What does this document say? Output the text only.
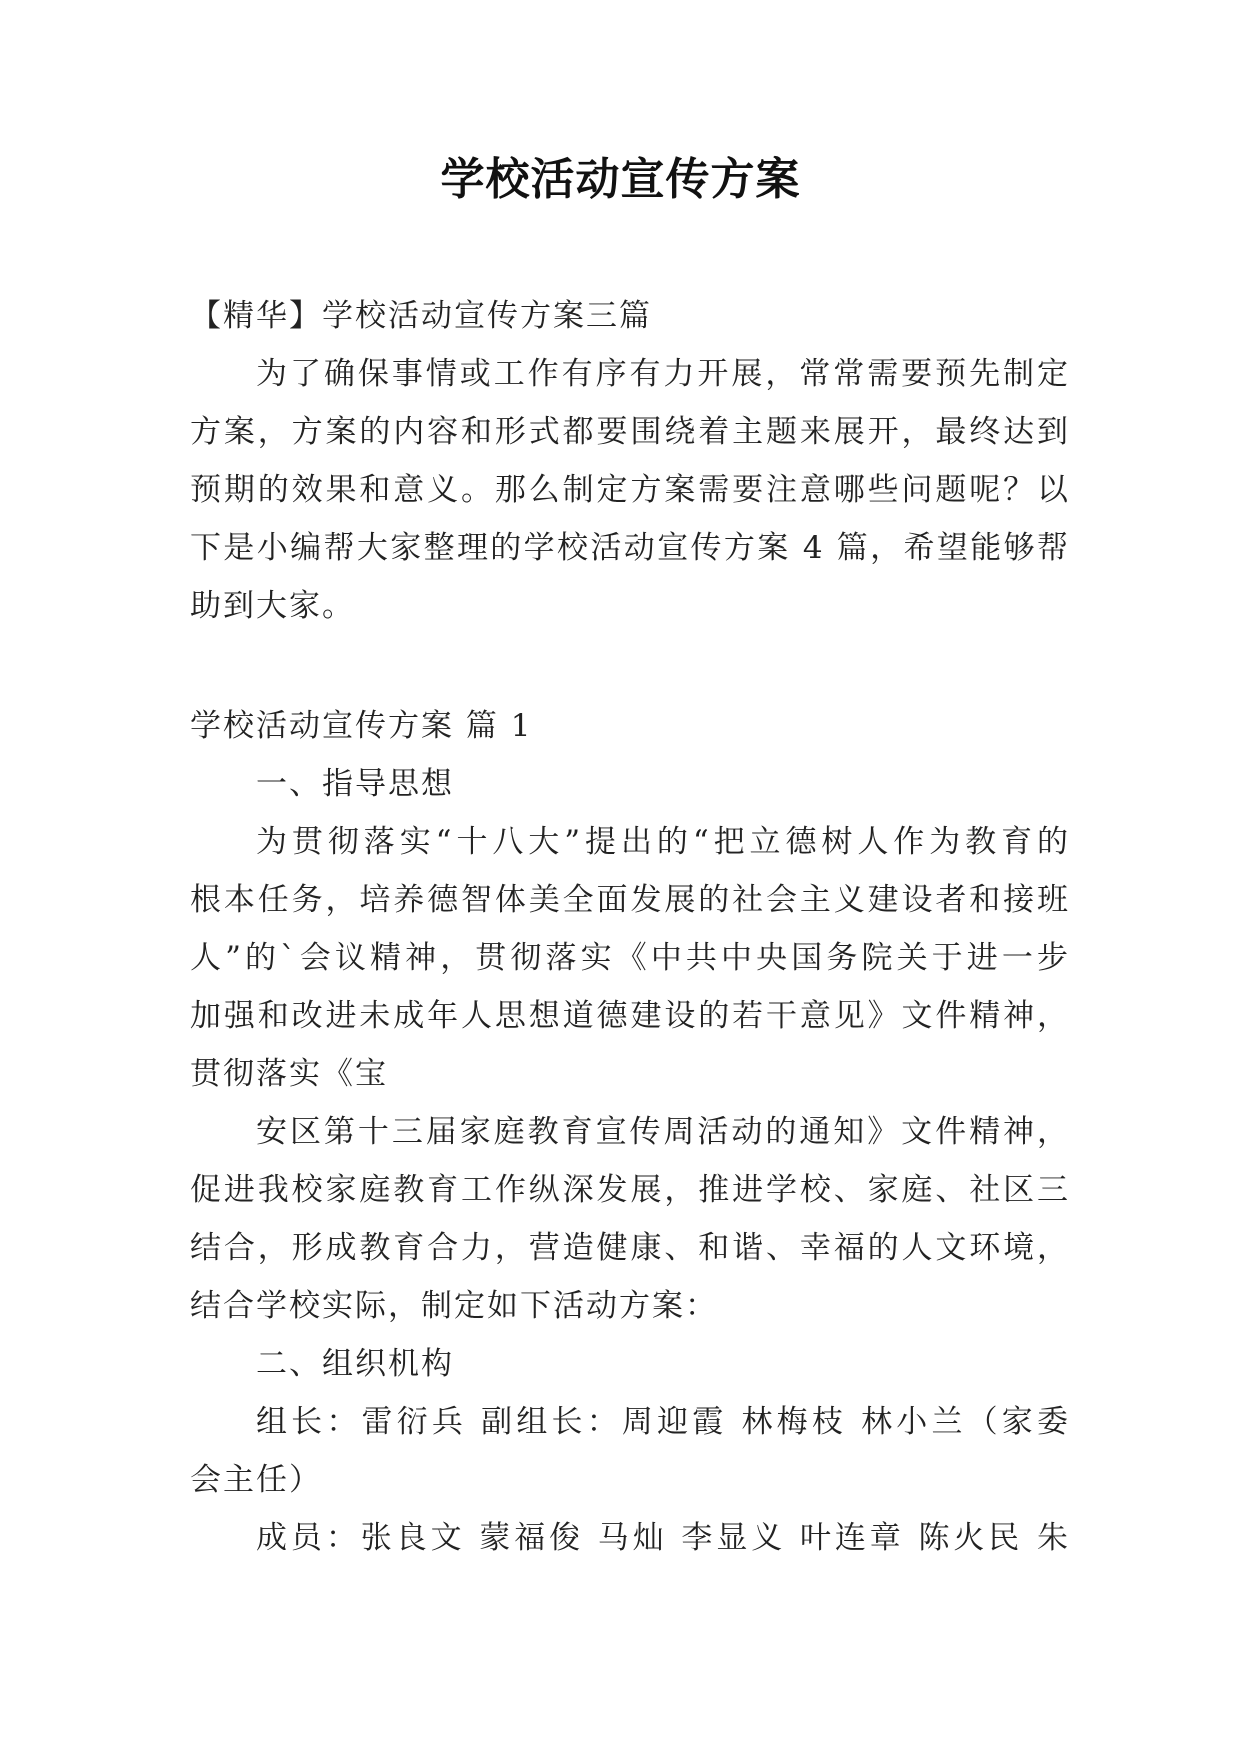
学校活动宣传方案
【精华】学校活动宣传方案三篇
为了确保事情或工作有序有力开展，常常需要预先制定
方案，方案的内容和形式都要围绕着主题来展开，最终达到
预期的效果和意义。那么制定方案需要注意哪些问题呢？以
下是小编帮大家整理的学校活动宣传方案 4 篇，希望能够帮
助到大家。
学校活动宣传方案 篇 1
一、指导思想
为贯彻落实“十八大”提出的“把立德树人作为教育的
根本任务，培养德智体美全面发展的社会主义建设者和接班
人”的`会议精神，贯彻落实《中共中央国务院关于进一步
加强和改进未成年人思想道德建设的若干意见》文件精神，
贯彻落实《宝
安区第十三届家庭教育宣传周活动的通知》文件精神，
促进我校家庭教育工作纵深发展，推进学校、家庭、社区三
结合，形成教育合力，营造健康、和谐、幸福的人文环境，
结合学校实际，制定如下活动方案：
二、组织机构
组长：雷衍兵 副组长：周迎霞 林梅枝 林小兰（家委
会主任）
成员：张良文 蒙福俊 马灿 李显义 叶连章 陈火民 朱
